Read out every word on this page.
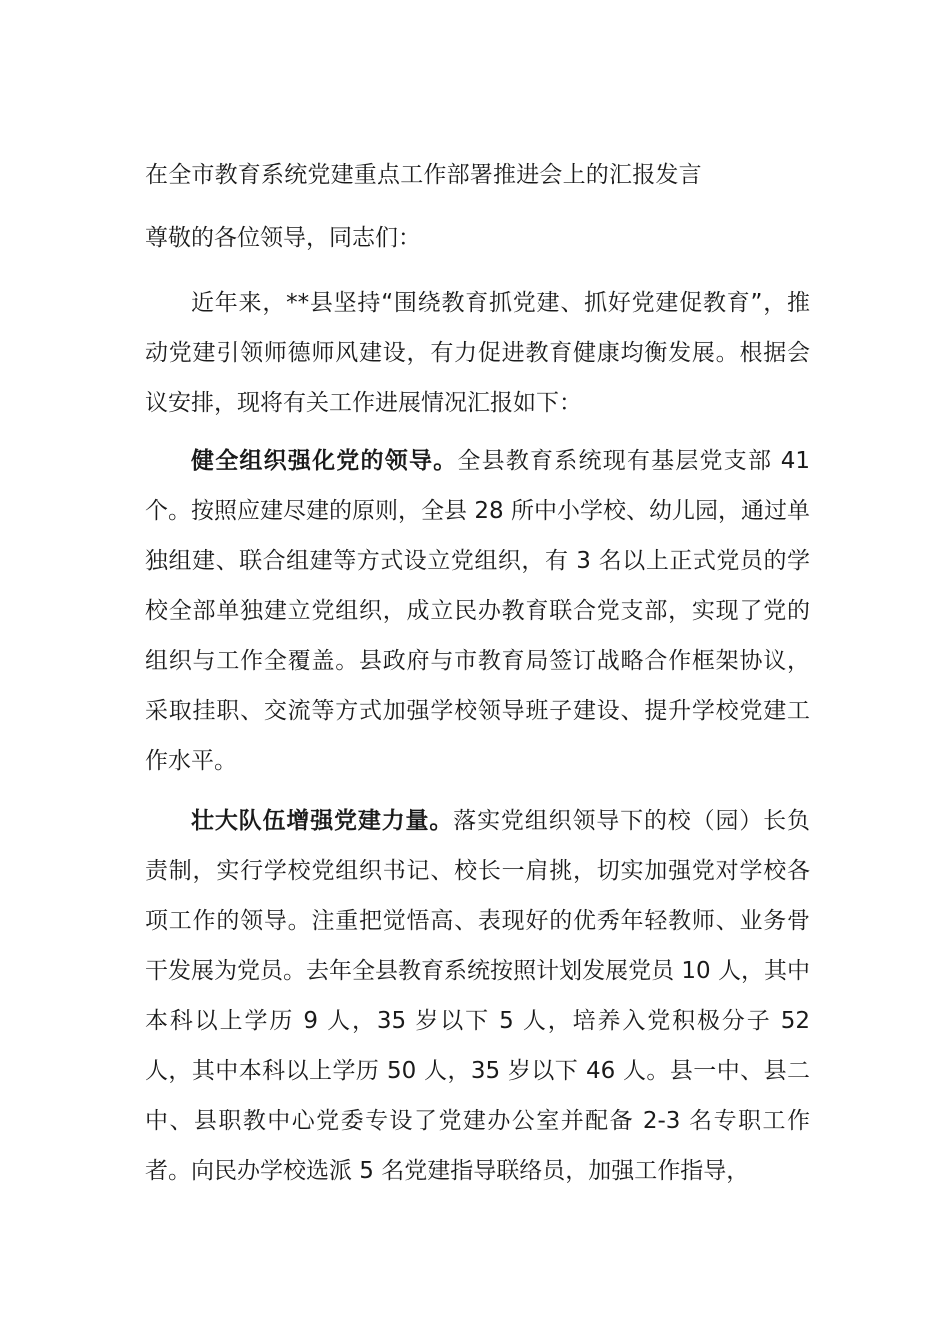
在全市教育系统党建重点工作部署推进会上的汇报发言
尊敬的各位领导，同志们：

近年来，**县坚持“围绕教育抓党建、抓好党建促教育”，推动党建引领师德师风建设，有力促进教育健康均衡发展。根据会议安排，现将有关工作进展情况汇报如下：

健全组织强化党的领导。全县教育系统现有基层党支部 41 个。按照应建尽建的原则，全县 28 所中小学校、幼儿园，通过单独组建、联合组建等方式设立党组织，有 3 名以上正式党员的学校全部单独建立党组织，成立民办教育联合党支部，实现了党的组织与工作全覆盖。县政府与市教育局签订战略合作框架协议，采取挂职、交流等方式加强学校领导班子建设、提升学校党建工作水平。

壮大队伍增强党建力量。落实党组织领导下的校（园）长负责制，实行学校党组织书记、校长一肩挑，切实加强党对学校各项工作的领导。注重把觉悟高、表现好的优秀年轻教师、业务骨干发展为党员。去年全县教育系统按照计划发展党员 10 人，其中本科以上学历 9 人，35 岁以下 5 人，培养入党积极分子 52 人，其中本科以上学历 50 人，35 岁以下 46 人。县一中、县二中、县职教中心党委专设了党建办公室并配备 2-3 名专职工作者。向民办学校选派 5 名党建指导联络员，加强工作指导，
